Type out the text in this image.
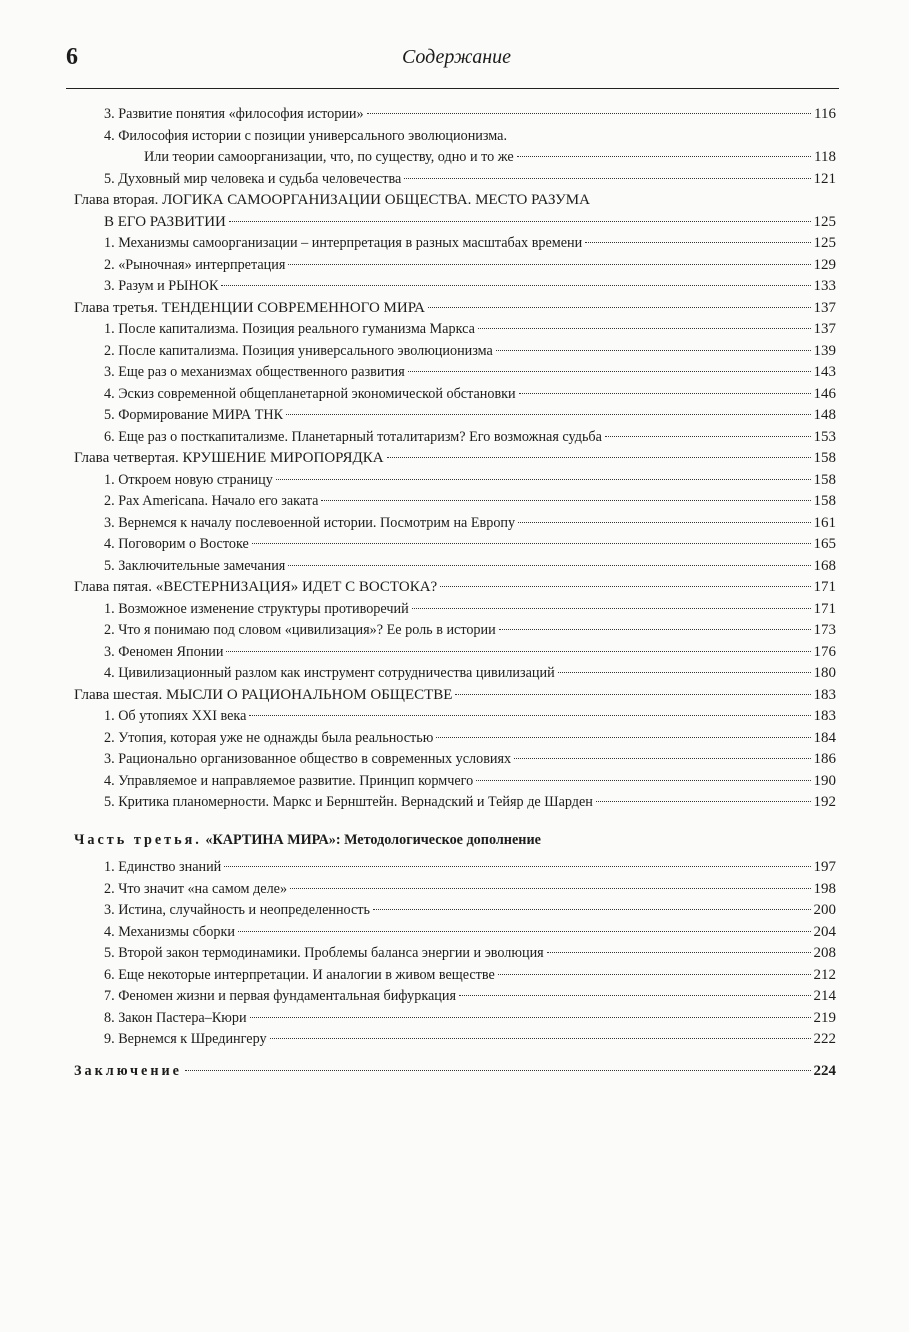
6	Содержание
3. Развитие понятия «философия истории»	116
4. Философия истории с позиции универсального эволюционизма.
Или теории самоорганизации, что, по существу, одно и то же	118
5. Духовный мир человека и судьба человечества	121
Глава вторая. ЛОГИКА САМООРГАНИЗАЦИИ ОБЩЕСТВА. МЕСТО РАЗУМА
В ЕГО РАЗВИТИИ	125
1. Механизмы самоорганизации – интерпретация в разных масштабах времени	125
2. «Рыночная» интерпретация	129
3. Разум и РЫНОК	133
Глава третья. ТЕНДЕНЦИИ СОВРЕМЕННОГО МИРА	137
1. После капитализма. Позиция реального гуманизма Маркса	137
2. После капитализма. Позиция универсального эволюционизма	139
3. Еще раз о механизмах общественного развития	143
4. Эскиз современной общепланетарной экономической обстановки	146
5. Формирование МИРА ТНК	148
6. Еще раз о посткапитализме. Планетарный тоталитаризм? Его возможная судьба	153
Глава четвертая. КРУШЕНИЕ МИРОПОРЯДКА	158
1. Откроем новую страницу	158
2. Pax Americana. Начало его заката	158
3. Вернемся к началу послевоенной истории. Посмотрим на Европу	161
4. Поговорим о Востоке	165
5. Заключительные замечания	168
Глава пятая. «ВЕСТЕРНИЗАЦИЯ» ИДЕТ С ВОСТОКА?	171
1. Возможное изменение структуры противоречий	171
2. Что я понимаю под словом «цивилизация»? Ее роль в истории	173
3. Феномен Японии	176
4. Цивилизационный разлом как инструмент сотрудничества цивилизаций	180
Глава шестая. МЫСЛИ О РАЦИОНАЛЬНОМ ОБЩЕСТВЕ	183
1. Об утопиях XXI века	183
2. Утопия, которая уже не однажды была реальностью	184
3. Рационально организованное общество в современных условиях	186
4. Управляемое и направляемое развитие. Принцип кормчего	190
5. Критика планомерности. Маркс и Бернштейн. Вернадский и Тейяр де Шарден	192
Часть третья. «КАРТИНА МИРА»: Методологическое дополнение
1. Единство знаний	197
2. Что значит «на самом деле»	198
3. Истина, случайность и неопределенность	200
4. Механизмы сборки	204
5. Второй закон термодинамики. Проблемы баланса энергии и эволюция	208
6. Еще некоторые интерпретации. И аналогии в живом веществе	212
7. Феномен жизни и первая фундаментальная бифуркация	214
8. Закон Пастера–Кюри	219
9. Вернемся к Шредингеру	222
Заключение	224
